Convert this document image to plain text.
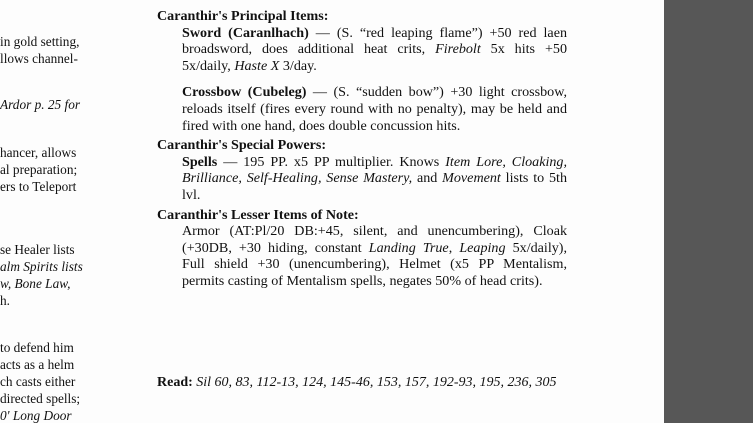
in gold setting,
llows channel-
Ardor p. 25 for
hancer, allows
al preparation;
ers to Teleport
se Healer lists
alm Spirits lists
w, Bone Law,
h.
to defend him
acts as a helm
ch casts either
directed spells;
0' Long Door

Caranthir's Principal Items:

Sword (Caranlhach) — (S. “red leaping flame”) +50 red laen broadsword, does additional heat crits, Firebolt 5x hits +50 5x/daily, Haste X 3/day.

Crossbow (Cubeleg) — (S. “sudden bow”) +30 light crossbow, reloads itself (fires every round with no penalty), may be held and fired with one hand, does double concussion hits.

Caranthir's Special Powers:

Spells — 195 PP. x5 PP multiplier. Knows Item Lore, Cloaking, Brilliance, Self-Healing, Sense Mastery, and Movement lists to 5th lvl.

Caranthir's Lesser Items of Note:

Armor (AT:Pl/20 DB:+45, silent, and unencumbering), Cloak (+30DB, +30 hiding, constant Landing True, Leaping 5x/daily), Full shield +30 (unencumbering), Helmet (x5 PP Mentalism, permits casting of Mentalism spells, negates 50% of head crits).

Read: Sil 60, 83, 112-13, 124, 145-46, 153, 157, 192-93, 195, 236, 305
